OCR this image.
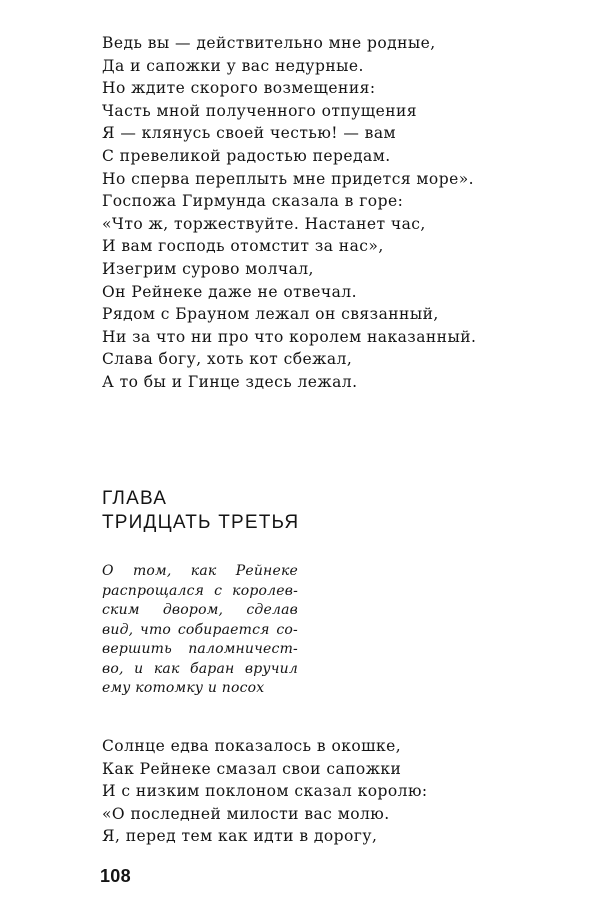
Ведь вы — действительно мне родные,
Да и сапожки у вас недурные.
Но ждите скорого возмещения:
Часть мной полученного отпущения
Я — клянусь своей честью! — вам
С превеликой радостью передам.
Но сперва переплыть мне придется море».
Госпожа Гирмунда сказала в горе:
«Что ж, торжествуйте. Настанет час,
И вам господь отомстит за нас»,
Изегрим сурово молчал,
Он Рейнеке даже не отвечал.
Рядом с Брауном лежал он связанный,
Ни за что ни про что королем наказанный.
Слава богу, хоть кот сбежал,
А то бы и Гинце здесь лежал.
ГЛАВА
ТРИДЦАТЬ ТРЕТЬЯ
О том, как Рейнеке
распрощался с королев-
ским двором, сделав
вид, что собирается со-
вершить паломничест-
во, и как баран вручил
ему котомку и посох
Солнце едва показалось в окошке,
Как Рейнеке смазал свои сапожки
И с низким поклоном сказал королю:
«О последней милости вас молю.
Я, перед тем как идти в дорогу,
108
